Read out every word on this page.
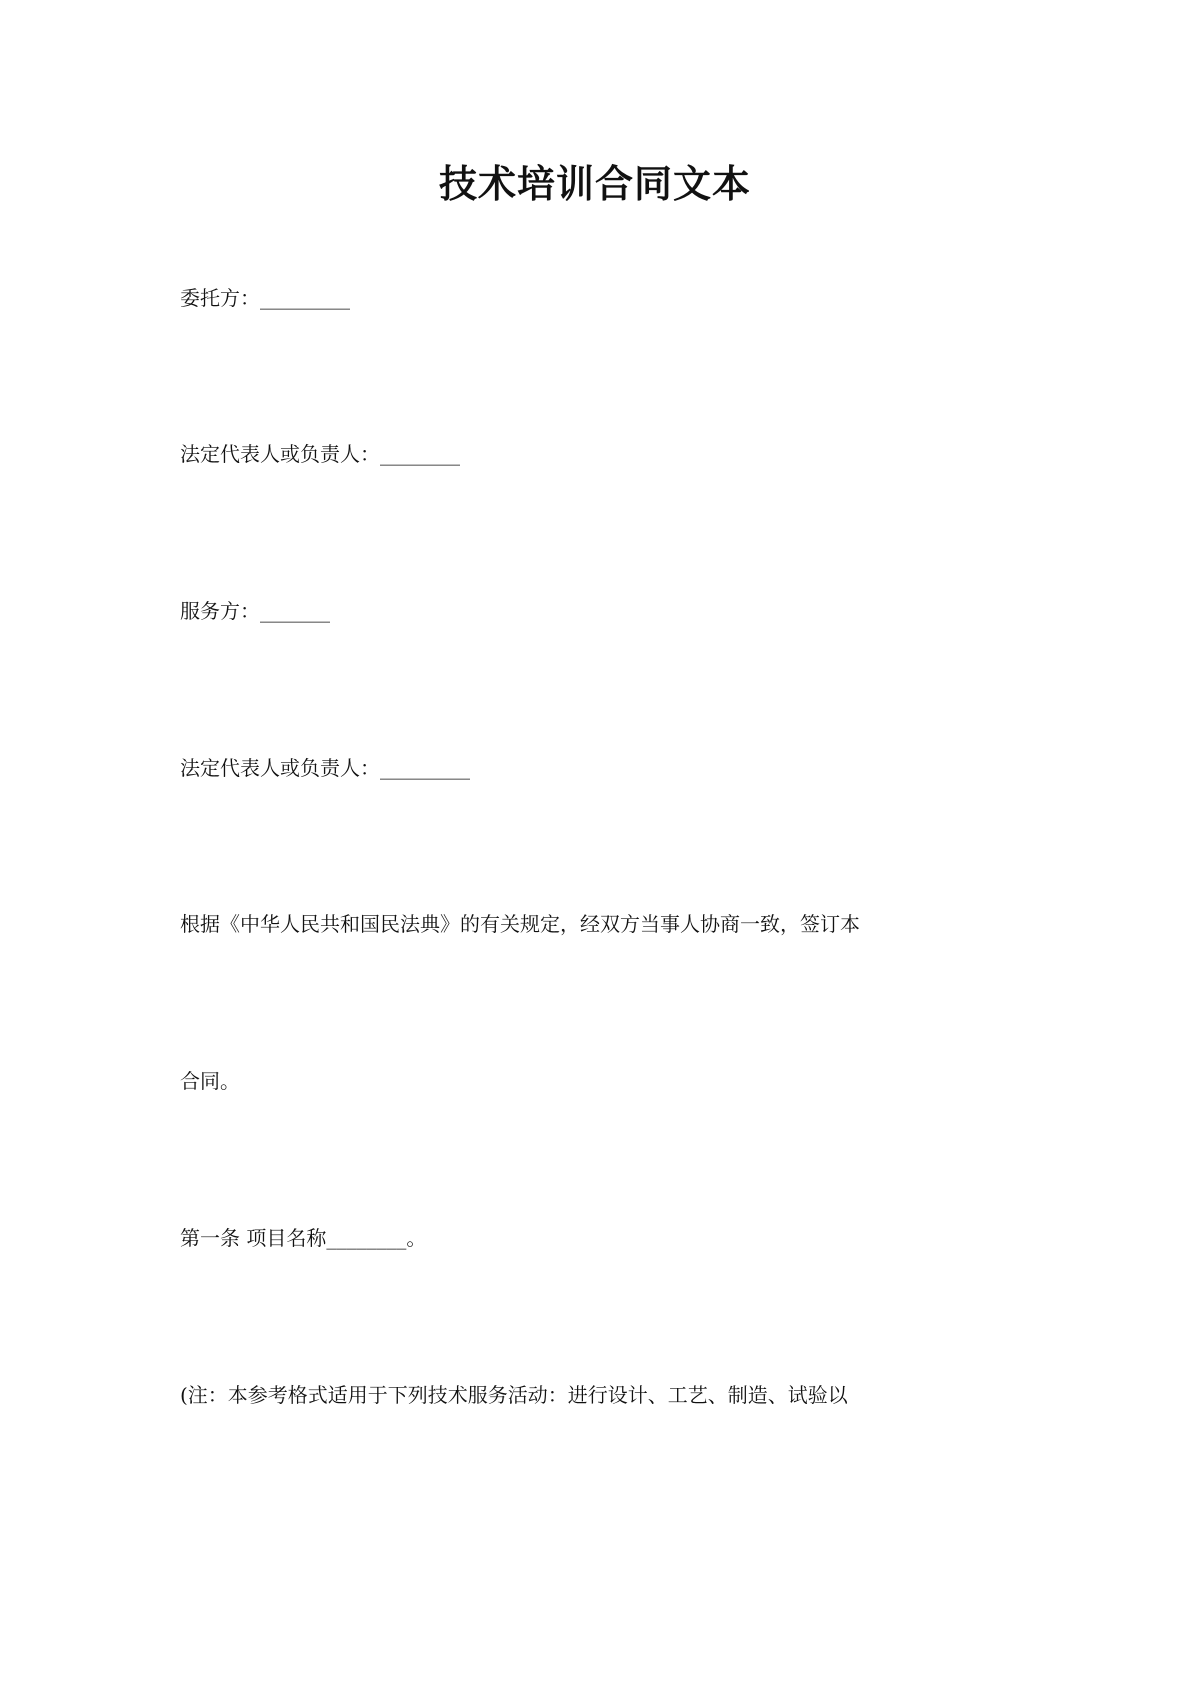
技术培训合同文本
委托方：_________
法定代表人或负责人：________
服务方：_______
法定代表人或负责人：_________
根据《中华人民共和国民法典》的有关规定，经双方当事人协商一致，签订本
合同。
第一条 项目名称________。
(注：本参考格式适用于下列技术服务活动：进行设计、工艺、制造、试验以
